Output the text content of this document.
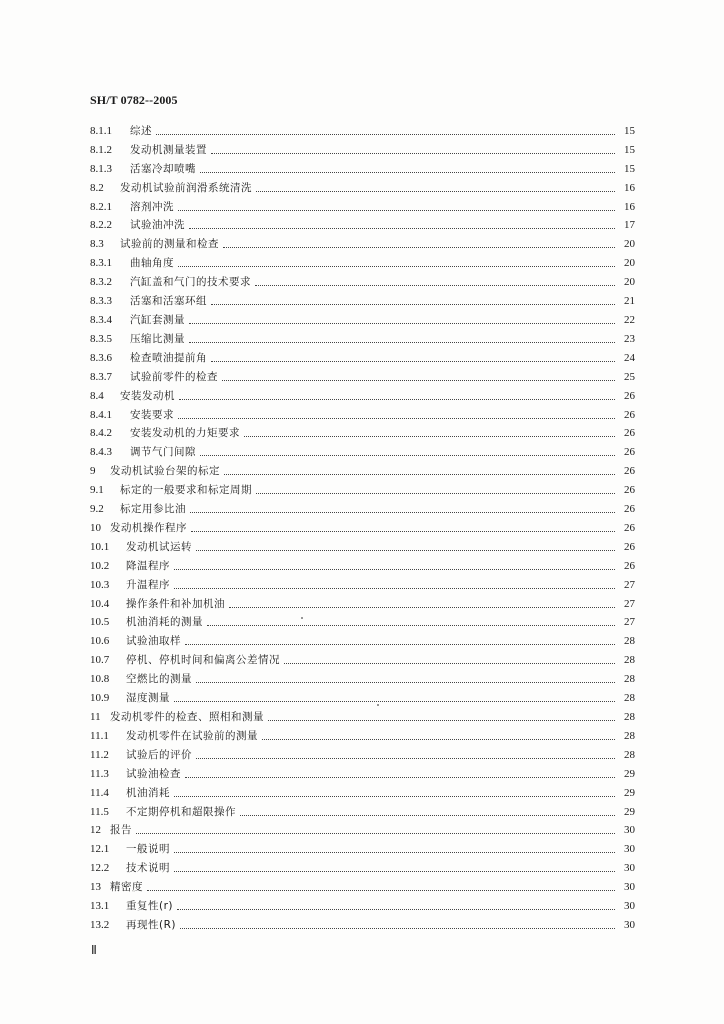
SH/T 0782--2005
8.1.1	综述	15
8.1.2	发动机测量装置	15
8.1.3	活塞冷却喷嘴	15
8.2	发动机试验前润滑系统清洗	16
8.2.1	溶剂冲洗	16
8.2.2	试验油冲洗	17
8.3	试验前的测量和检查	20
8.3.1	曲轴角度	20
8.3.2	汽缸盖和气门的技术要求	20
8.3.3	活塞和活塞环组	21
8.3.4	汽缸套测量	22
8.3.5	压缩比测量	23
8.3.6	检查喷油提前角	24
8.3.7	试验前零件的检查	25
8.4	安装发动机	26
8.4.1	安装要求	26
8.4.2	安装发动机的力矩要求	26
8.4.3	调节气门间隙	26
9	发动机试验台架的标定	26
9.1	标定的一般要求和标定周期	26
9.2	标定用参比油	26
10 发动机操作程序	26
10.1	发动机试运转	26
10.2	降温程序	26
10.3	升温程序	27
10.4	操作条件和补加机油	27
10.5	机油消耗的测量	27
10.6	试验油取样	28
10.7	停机、停机时间和偏离公差情况	28
10.8	空燃比的测量	28
10.9	湿度测量	28
11 发动机零件的检查、照相和测量	28
11.1	发动机零件在试验前的测量	28
11.2	试验后的评价	28
11.3	试验油检查	29
11.4	机油消耗	29
11.5	不定期停机和超限操作	29
12 报告	30
12.1	一般说明	30
12.2	技术说明	30
13 精密度	30
13.1	重复性(r)	30
13.2	再现性(R)	30
Ⅱ
